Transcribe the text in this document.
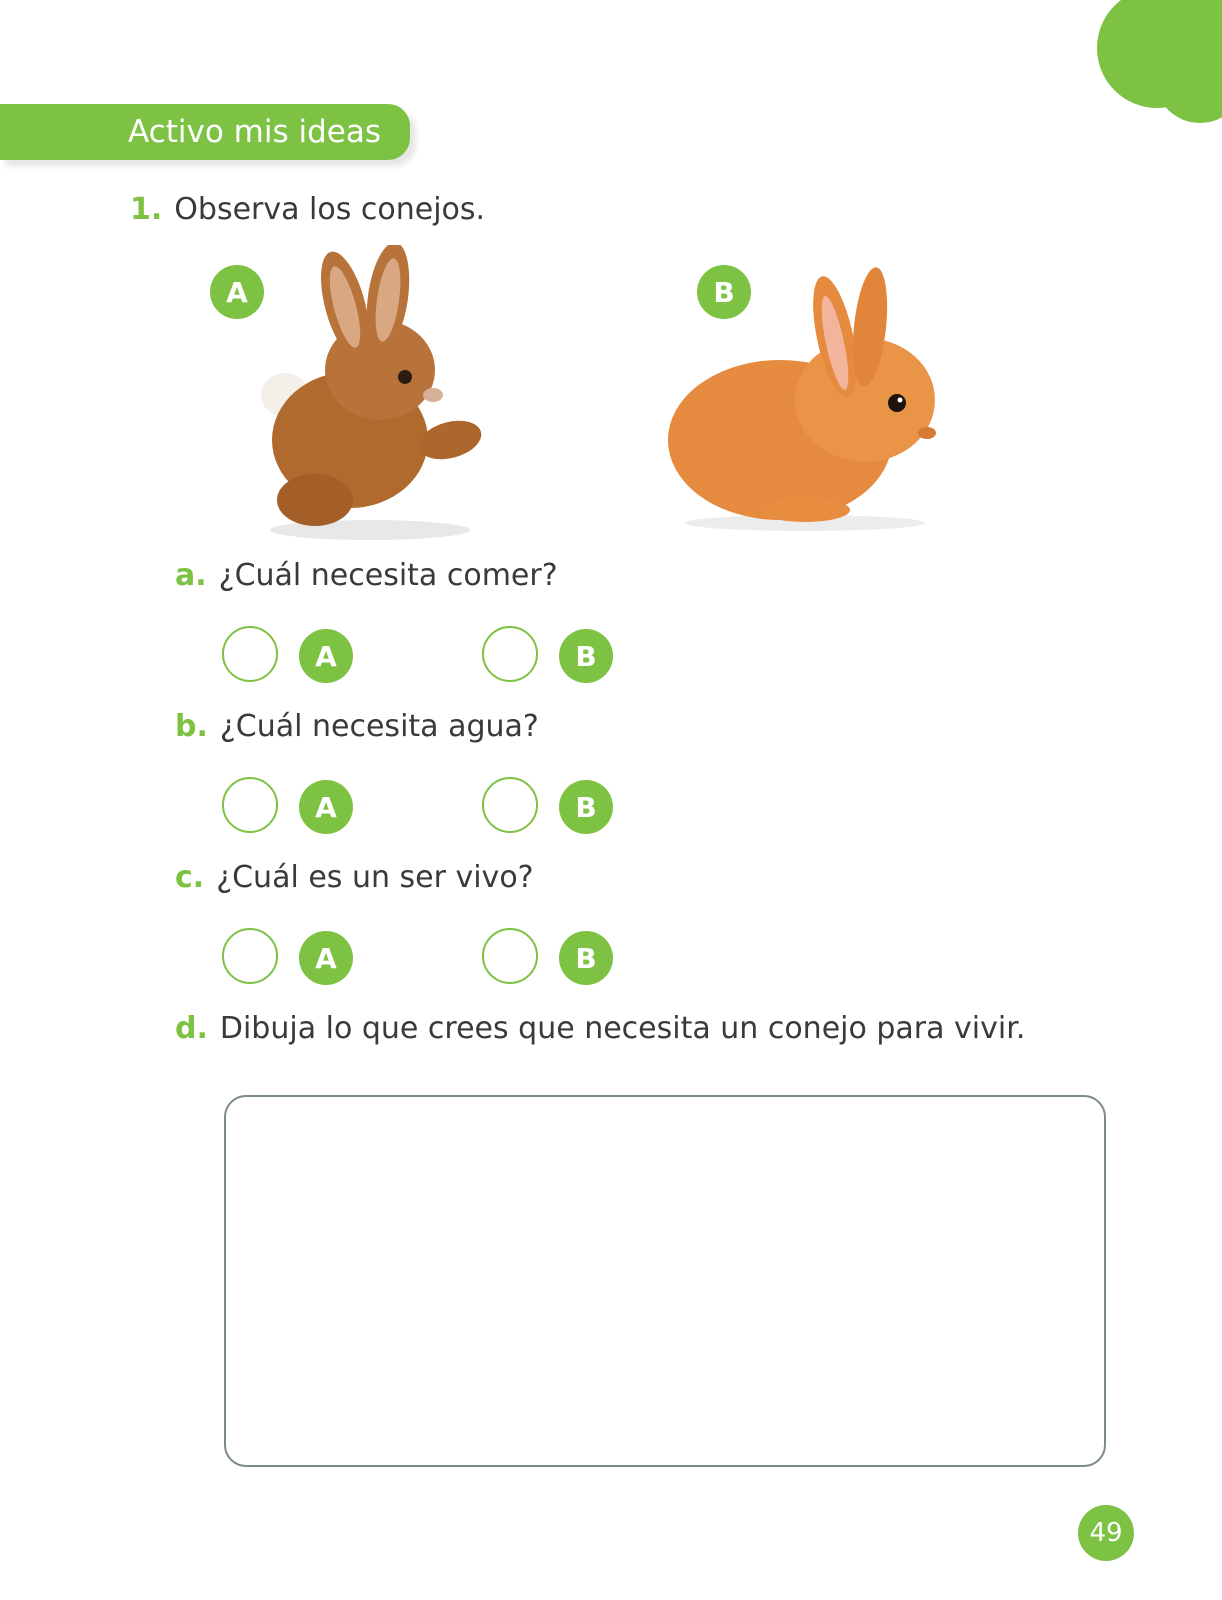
Activo mis ideas
1. Observa los conejos.
A	B
a. ¿Cuál necesita comer?
A	B
b. ¿Cuál necesita agua?
A	B
c. ¿Cuál es un ser vivo?
A	B
d. Dibuja lo que crees que necesita un conejo para vivir.
49
